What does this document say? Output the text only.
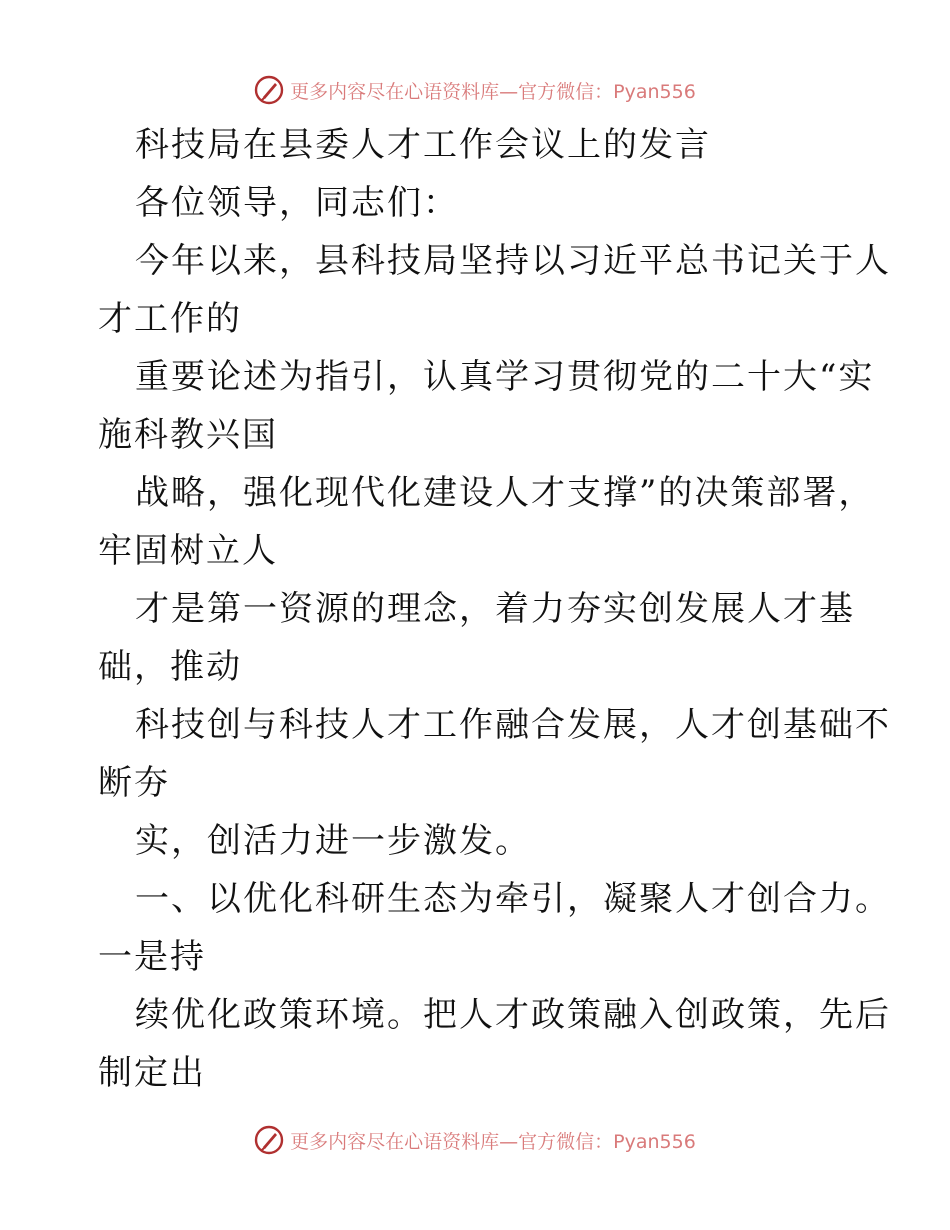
更多内容尽在心语资料库—官方微信：Pyan556
科技局在县委人才工作会议上的发言
各位领导，同志们：
今年以来，县科技局坚持以习近平总书记关于人
才工作的
重要论述为指引，认真学习贯彻党的二十大“实
施科教兴国
战略，强化现代化建设人才支撑”的决策部署，
牢固树立人
才是第一资源的理念，着力夯实创发展人才基
础，推动
科技创与科技人才工作融合发展，人才创基础不
断夯
实，创活力进一步激发。
一、以优化科研生态为牵引，凝聚人才创合力。
一是持
续优化政策环境。把人才政策融入创政策，先后
制定出
更多内容尽在心语资料库—官方微信：Pyan556
